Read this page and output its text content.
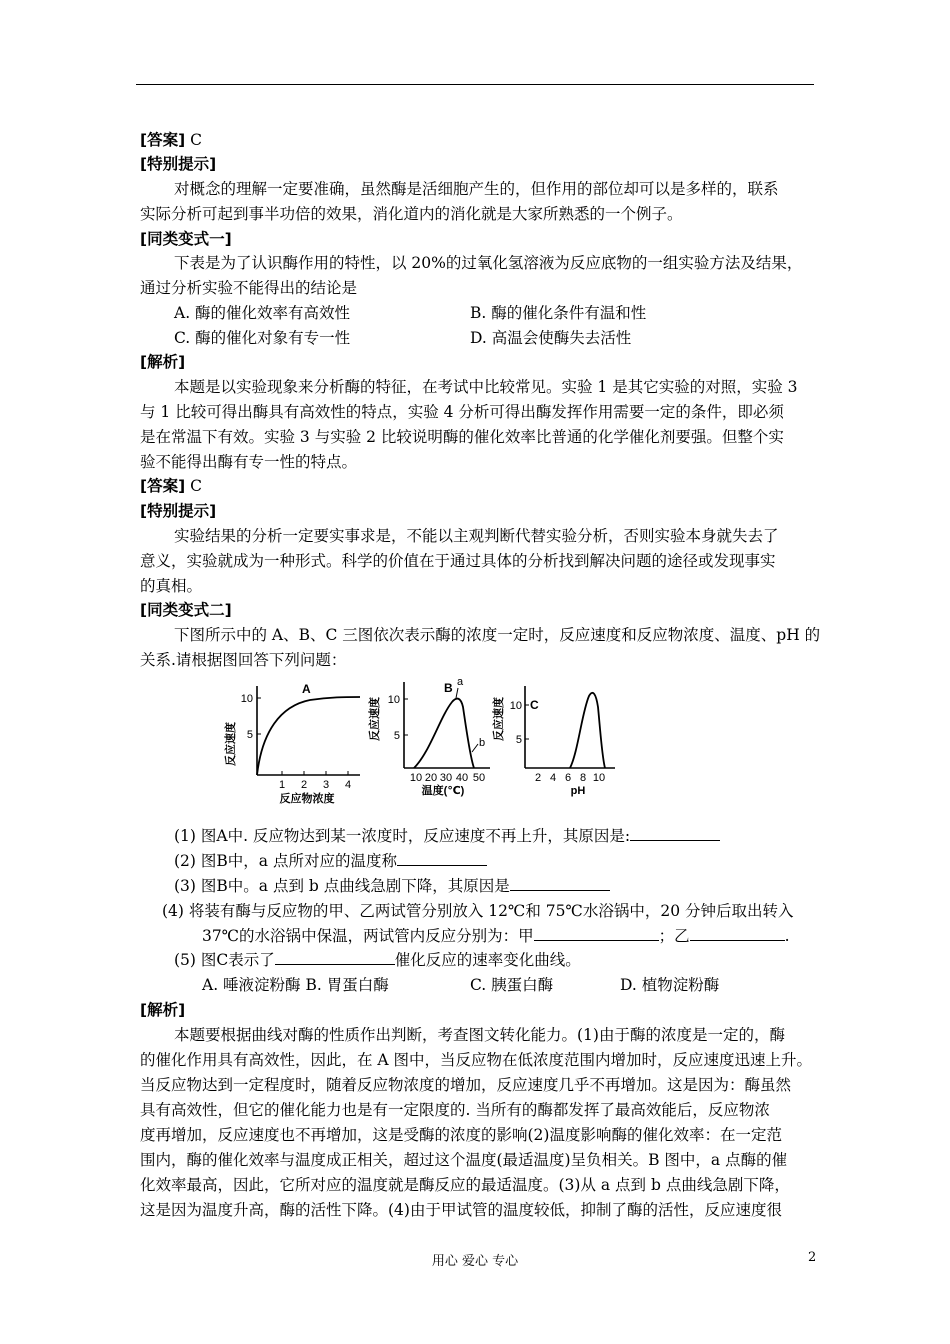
[答案] C
[特别提示]
对概念的理解一定要准确，虽然酶是活细胞产生的，但作用的部位却可以是多样的，联系
实际分析可起到事半功倍的效果，消化道内的消化就是大家所熟悉的一个例子。
[同类变式一]
下表是为了认识酶作用的特性，以 20%的过氧化氢溶液为反应底物的一组实验方法及结果，
通过分析实验不能得出的结论是
A. 酶的催化效率有高效性	B. 酶的催化条件有温和性
C. 酶的催化对象有专一性	D. 高温会使酶失去活性
[解析]
本题是以实验现象来分析酶的特征，在考试中比较常见。实验 1 是其它实验的对照，实验 3
与 1 比较可得出酶具有高效性的特点，实验 4 分析可得出酶发挥作用需要一定的条件，即必须
是在常温下有效。实验 3 与实验 2 比较说明酶的催化效率比普通的化学催化剂要强。但整个实
验不能得出酶有专一性的特点。
[答案] C
[特别提示]
实验结果的分析一定要实事求是，不能以主观判断代替实验分析，否则实验本身就失去了
意义，实验就成为一种形式。科学的价值在于通过具体的分析找到解决问题的途径或发现事实
的真相。
[同类变式二]
下图所示中的 A、B、C 三图依次表示酶的浓度一定时，反应速度和反应物浓度、温度、pH 的
关系.请根据图回答下列问题：
(1) 图A中. 反应物达到某一浓度时，反应速度不再上升，其原因是:
(2) 图B中，a 点所对应的温度称
(3) 图B中。a 点到 b 点曲线急剧下降，其原因是
(4) 将装有酶与反应物的甲、乙两试管分别放入 12℃和 75℃水浴锅中，20 分钟后取出转入
37℃的水浴锅中保温，两试管内反应分别为：甲	；乙	.
(5) 图C表示了	催化反应的速率变化曲线。
A. 唾液淀粉酶 B. 胃蛋白酶	C. 胰蛋白酶	D. 植物淀粉酶
[解析]
本题要根据曲线对酶的性质作出判断，考查图文转化能力。(1)由于酶的浓度是一定的，酶
的催化作用具有高效性，因此，在 A 图中，当反应物在低浓度范围内增加时，反应速度迅速上升。
当反应物达到一定程度时，随着反应物浓度的增加，反应速度几乎不再增加。这是因为：酶虽然
具有高效性，但它的催化能力也是有一定限度的. 当所有的酶都发挥了最高效能后，反应物浓
度再增加，反应速度也不再增加，这是受酶的浓度的影响(2)温度影响酶的催化效率：在一定范
围内，酶的催化效率与温度成正相关，超过这个温度(最适温度)呈负相关。B 图中，a 点酶的催
化效率最高，因此，它所对应的温度就是酶反应的最适温度。(3)从 a 点到 b 点曲线急剧下降，
这是因为温度升高，酶的活性下降。(4)由于甲试管的温度较低，抑制了酶的活性，反应速度很
反应速度
10
5
1 2 3 4
A
反应物浓度
反应速度 10
5
10 20 30 40 50
B a
b
温度(℃)
反应速度 10
5
C
2 4 6 8 10
pH
用心 爱心 专心	2
